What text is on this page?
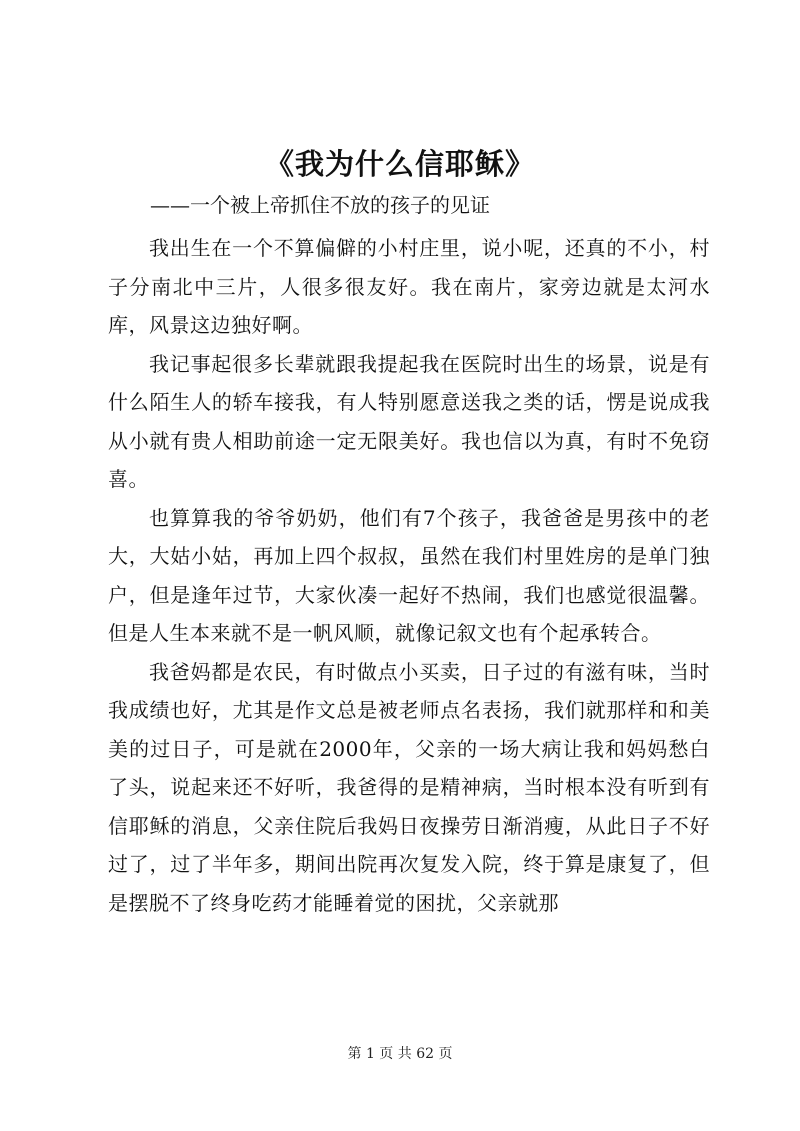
《我为什么信耶稣》

——一个被上帝抓住不放的孩子的见证

我出生在一个不算偏僻的小村庄里，说小呢，还真的不小，村子分南北中三片，人很多很友好。我在南片，家旁边就是太河水库，风景这边独好啊。

我记事起很多长辈就跟我提起我在医院时出生的场景，说是有什么陌生人的轿车接我，有人特别愿意送我之类的话，愣是说成我从小就有贵人相助前途一定无限美好。我也信以为真，有时不免窃喜。

也算算我的爷爷奶奶，他们有7个孩子，我爸爸是男孩中的老大，大姑小姑，再加上四个叔叔，虽然在我们村里姓房的是单门独户，但是逢年过节，大家伙凑一起好不热闹，我们也感觉很温馨。但是人生本来就不是一帆风顺，就像记叙文也有个起承转合。

我爸妈都是农民，有时做点小买卖，日子过的有滋有味，当时我成绩也好，尤其是作文总是被老师点名表扬，我们就那样和和美美的过日子，可是就在2000年，父亲的一场大病让我和妈妈愁白了头，说起来还不好听，我爸得的是精神病，当时根本没有听到有信耶稣的消息，父亲住院后我妈日夜操劳日渐消瘦，从此日子不好过了，过了半年多，期间出院再次复发入院，终于算是康复了，但是摆脱不了终身吃药才能睡着觉的困扰，父亲就那

第 1 页 共 62 页
